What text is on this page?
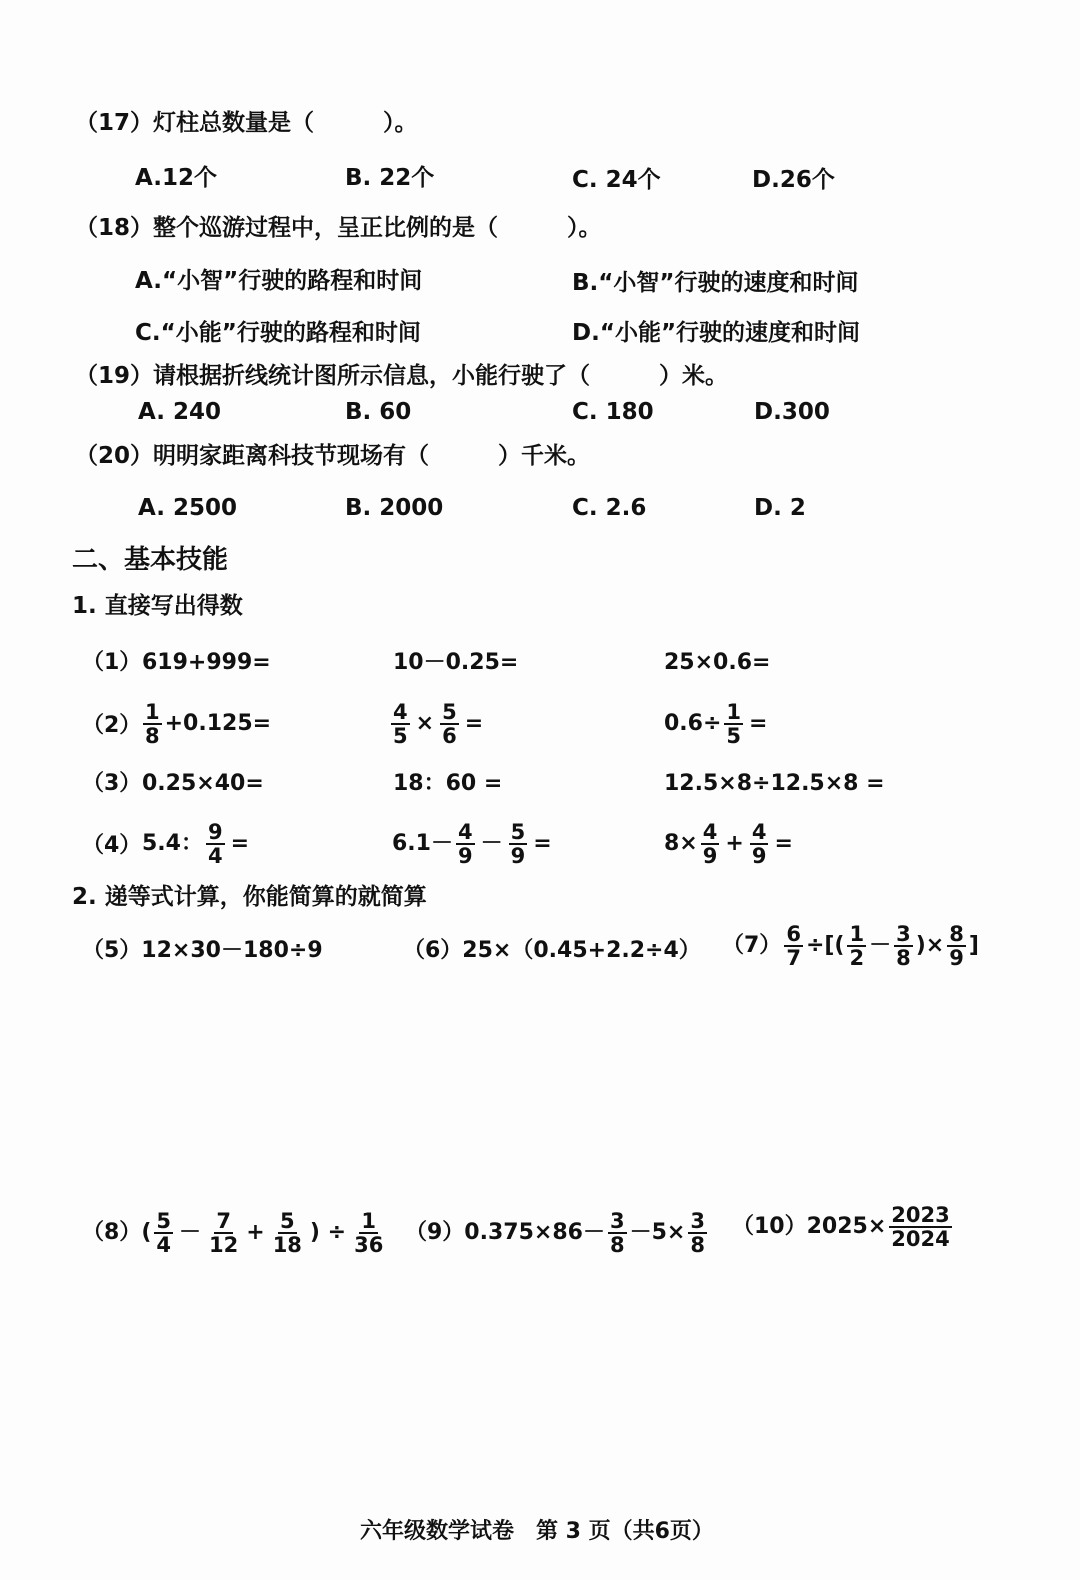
（17）灯柱总数量是（　　　）。
A.12个	B. 22个	C. 24个	D.26个
（18）整个巡游过程中，呈正比例的是（　　　）。
A.“小智”行驶的路程和时间	B.“小智”行驶的速度和时间
C.“小能”行驶的路程和时间	D.“小能”行驶的速度和时间
（19）请根据折线统计图所示信息，小能行驶了（　　　）米。
A. 240	B. 60	C. 180	D.300
（20）明明家距离科技节现场有（　　　）千米。
A. 2500	B. 2000	C. 2.6	D. 2
二、基本技能
1. 直接写出得数
（1） 619+999=	10－0.25=	25×0.6=
$(2) \frac{1}{8} +0.125=$	$\frac{4}{5} \times \frac{5}{6}$ =	$0.6\div \frac{1}{5}$ =
（3） 0.25×40=	18：60 =	12.5×8÷12.5×8 =
（4） 5.4： $\frac{9}{4}$ =	$6.1- \frac{4}{9} - \frac{5}{9}$ =	$8\times \frac{4}{9} + \frac{4}{9}$ =
2. 递等式计算，你能简算的就简算
（5）12×30－180÷9	（6）25×（0.45+2.2÷4） $(7) \frac{6}{7}$ ÷[( $\frac{1}{2} - \frac{3}{8}$ )× $\frac{8}{9}$ ]
（8） ( $\frac{5}{4} - \frac{7}{12} + \frac{5}{18}$ ) ÷ $\frac{1}{36} (9)0.375\times 86- \frac{3}{8} -5\times \frac{3}{8} (10)2025\times \frac{2023}{2024}$
六年级数学试卷　第 3 页（共6页）
